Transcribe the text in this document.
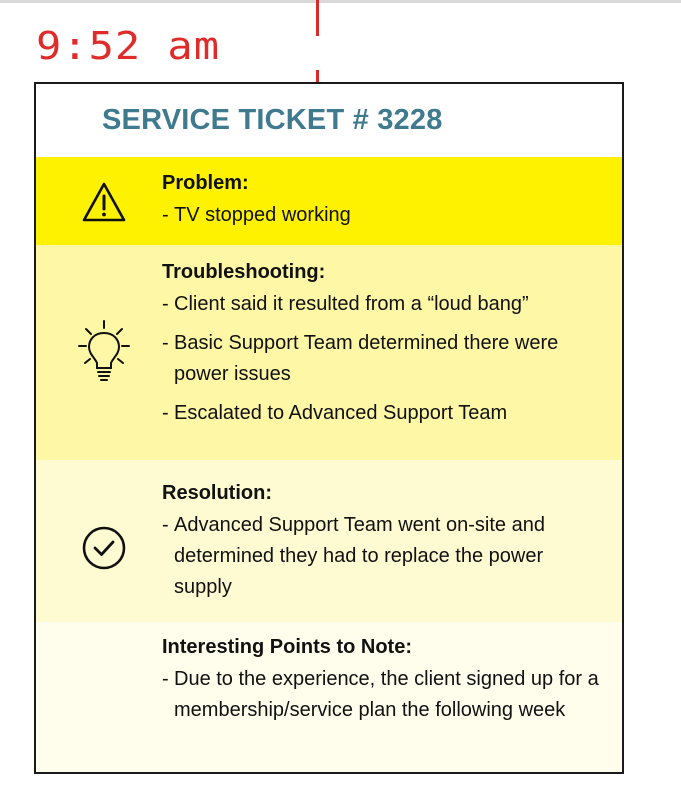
9:52 am
SERVICE TICKET # 3228
Problem:
- TV stopped working
Troubleshooting:
- Client said it resulted from a “loud bang”
- Basic Support Team determined there were power issues
- Escalated to Advanced Support Team
Resolution:
- Advanced Support Team went on-site and determined they had to replace the power supply
Interesting Points to Note:
- Due to the experience, the client signed up for a membership/service plan the following week
